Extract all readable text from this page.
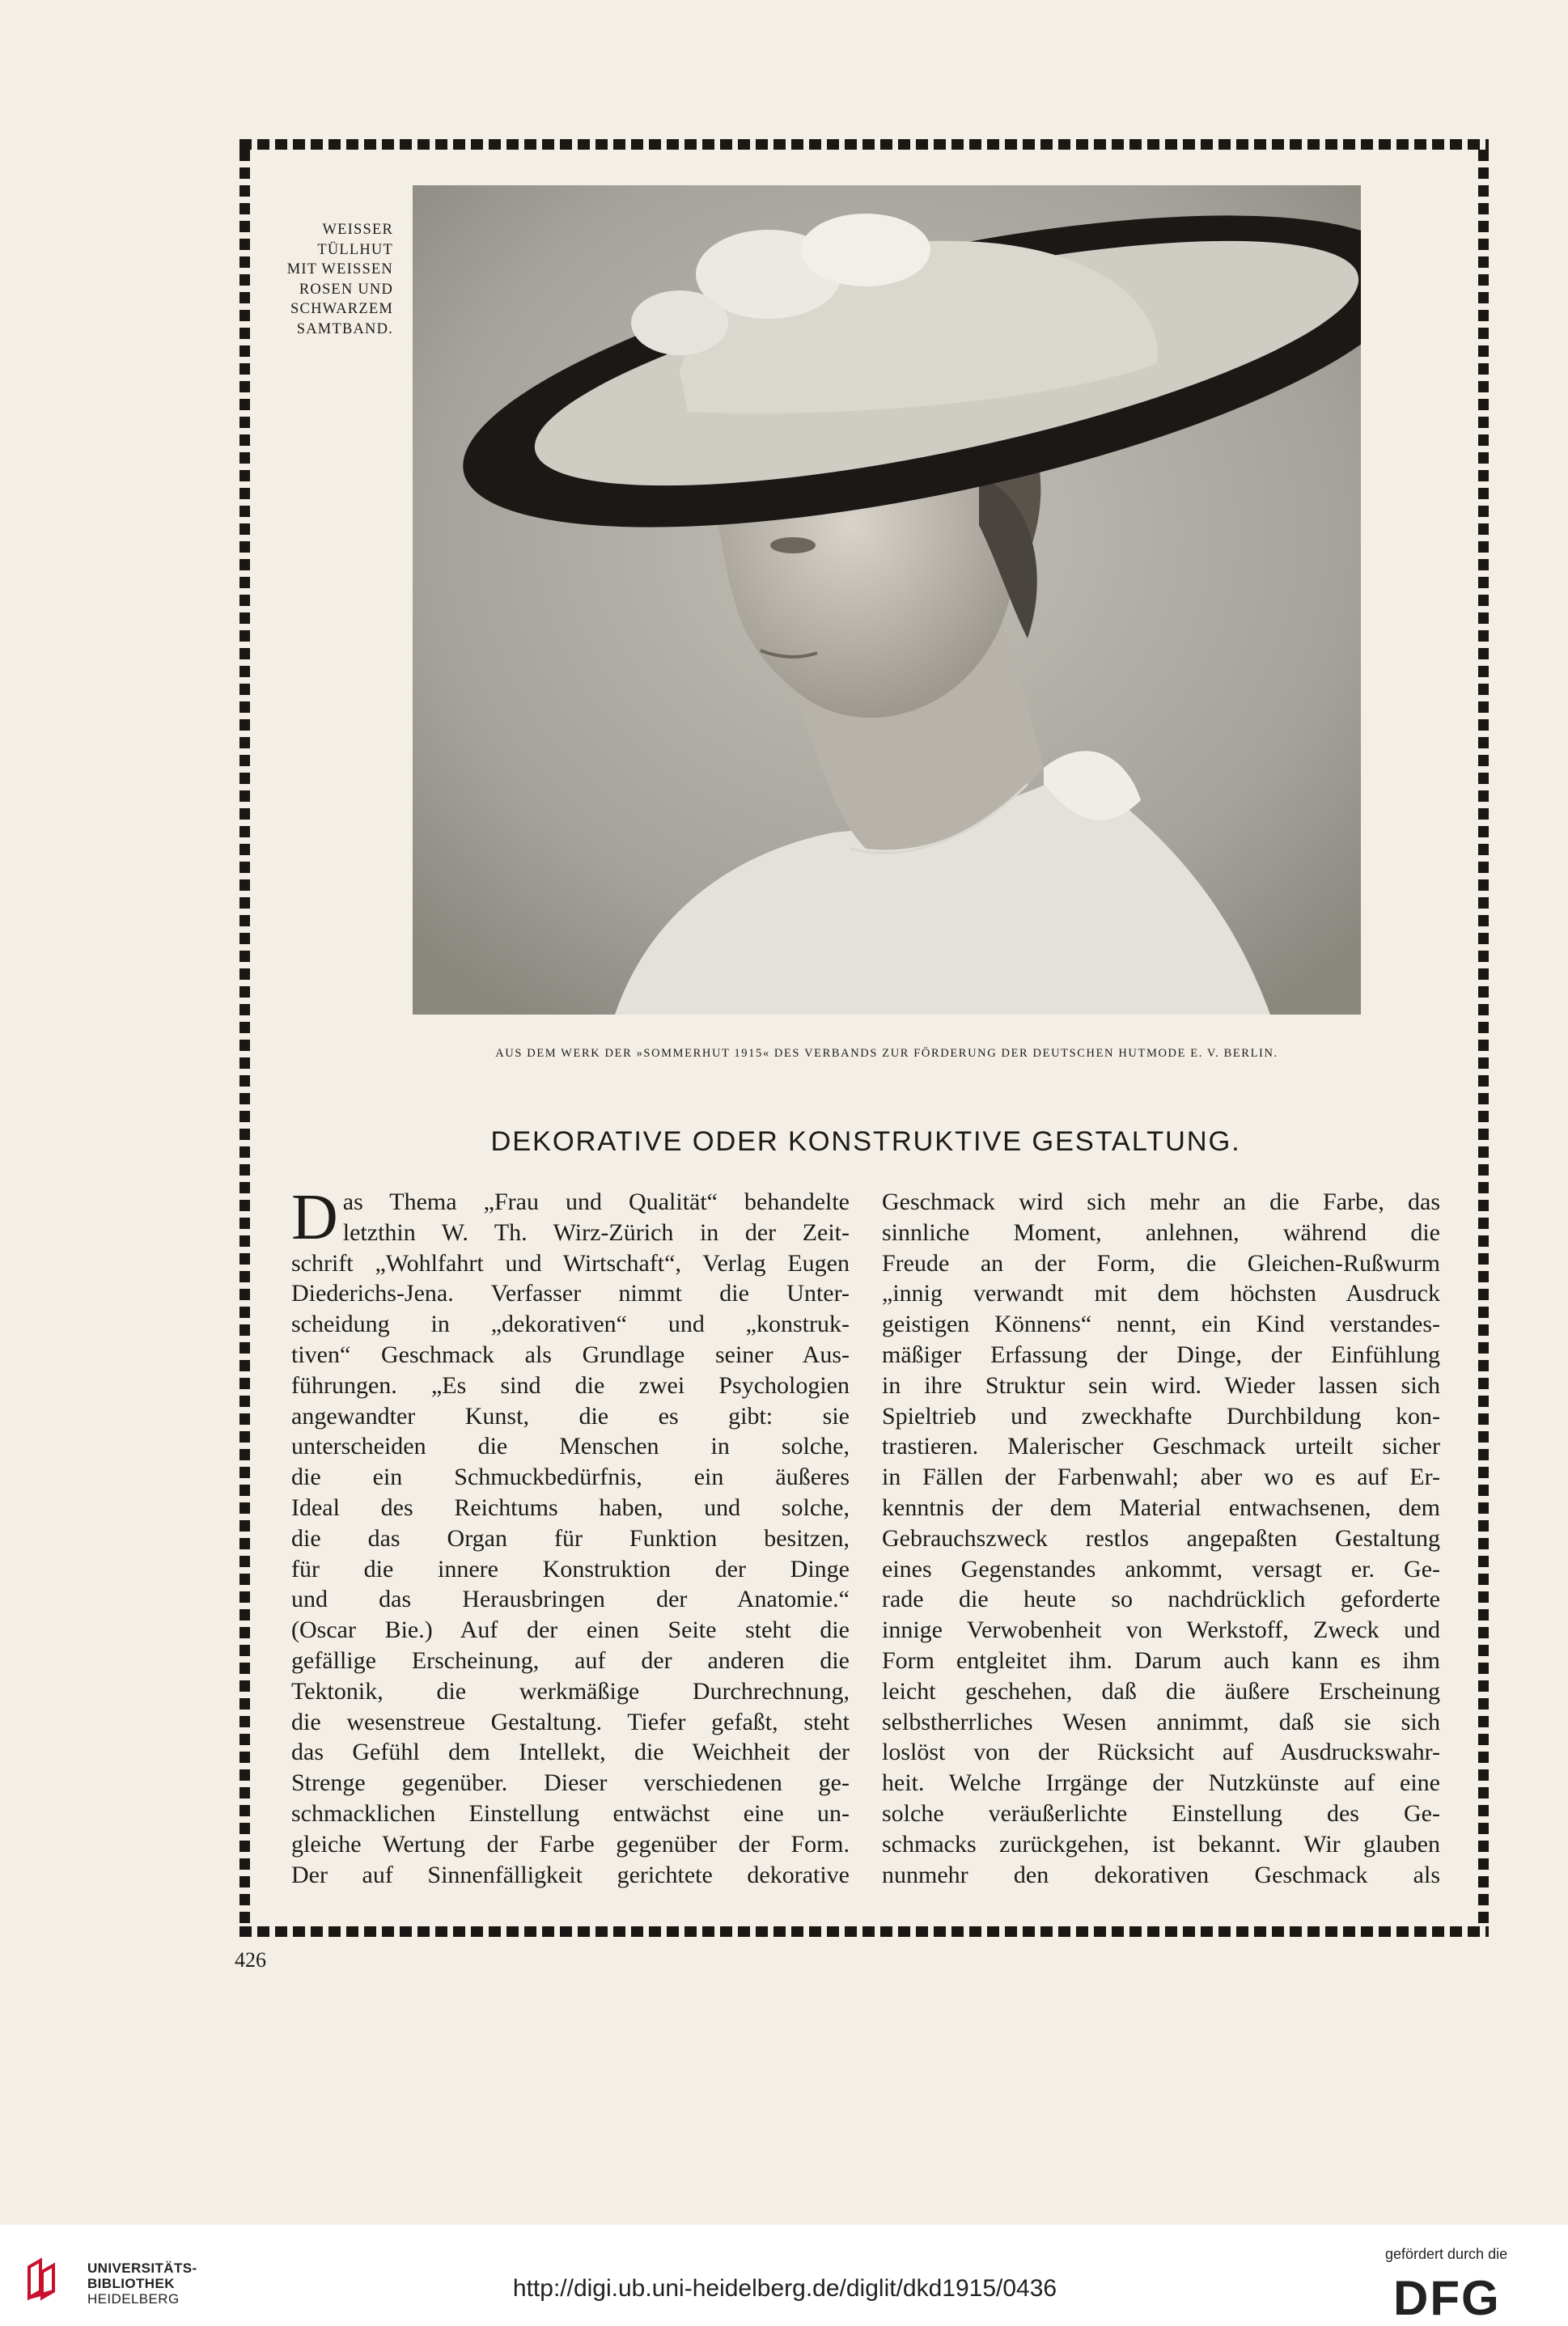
WEISSER
TÜLLHUT
MIT WEISSEN
ROSEN UND
SCHWARZEM
SAMTBAND.
AUS DEM WERK DER »SOMMERHUT 1915« DES VERBANDS ZUR FÖRDERUNG DER DEUTSCHEN HUTMODE E. V. BERLIN.
DEKORATIVE ODER KONSTRUKTIVE GESTALTUNG.
D as Thema „Frau und Qualität“ behandelte
letzthin W. Th. Wirz-Zürich in der Zeit-
schrift „Wohlfahrt und Wirtschaft“, Verlag Eugen
Diederichs-Jena. Verfasser nimmt die Unter-
scheidung in „dekorativen“ und „konstruk-
tiven“ Geschmack als Grundlage seiner Aus-
führungen. „Es sind die zwei Psychologien
angewandter Kunst, die es gibt: sie
unterscheiden die Menschen in solche,
die ein Schmuckbedürfnis, ein äußeres
Ideal des Reichtums haben, und solche,
die das Organ für Funktion besitzen,
für die innere Konstruktion der Dinge
und das Herausbringen der Anatomie.“
(Oscar Bie.) Auf der einen Seite steht die
gefällige Erscheinung, auf der anderen die
Tektonik, die werkmäßige Durchrechnung,
die wesenstreue Gestaltung. Tiefer gefaßt, steht
das Gefühl dem Intellekt, die Weichheit der
Strenge gegenüber. Dieser verschiedenen ge-
schmacklichen Einstellung entwächst eine un-
gleiche Wertung der Farbe gegenüber der Form.
Der auf Sinnenfälligkeit gerichtete dekorative
Geschmack wird sich mehr an die Farbe, das
sinnliche Moment, anlehnen, während die
Freude an der Form, die Gleichen-Rußwurm
„innig verwandt mit dem höchsten Ausdruck
geistigen Könnens“ nennt, ein Kind verstandes-
mäßiger Erfassung der Dinge, der Einfühlung
in ihre Struktur sein wird. Wieder lassen sich
Spieltrieb und zweckhafte Durchbildung kon-
trastieren. Malerischer Geschmack urteilt sicher
in Fällen der Farbenwahl; aber wo es auf Er-
kenntnis der dem Material entwachsenen, dem
Gebrauchszweck restlos angepaßten Gestaltung
eines Gegenstandes ankommt, versagt er. Ge-
rade die heute so nachdrücklich geforderte
innige Verwobenheit von Werkstoff, Zweck und
Form entgleitet ihm. Darum auch kann es ihm
leicht geschehen, daß die äußere Erscheinung
selbstherrliches Wesen annimmt, daß sie sich
loslöst von der Rücksicht auf Ausdruckswahr-
heit. Welche Irrgänge der Nutzkünste auf eine
solche veräußerlichte Einstellung des Ge-
schmacks zurückgehen, ist bekannt. Wir glauben
nunmehr den dekorativen Geschmack als
426
UNIVERSITÄTS-
BIBLIOTHEK
HEIDELBERG	http://digi.ub.uni-heidelberg.de/diglit/dkd1915/0436
gefördert durch die
DFG
